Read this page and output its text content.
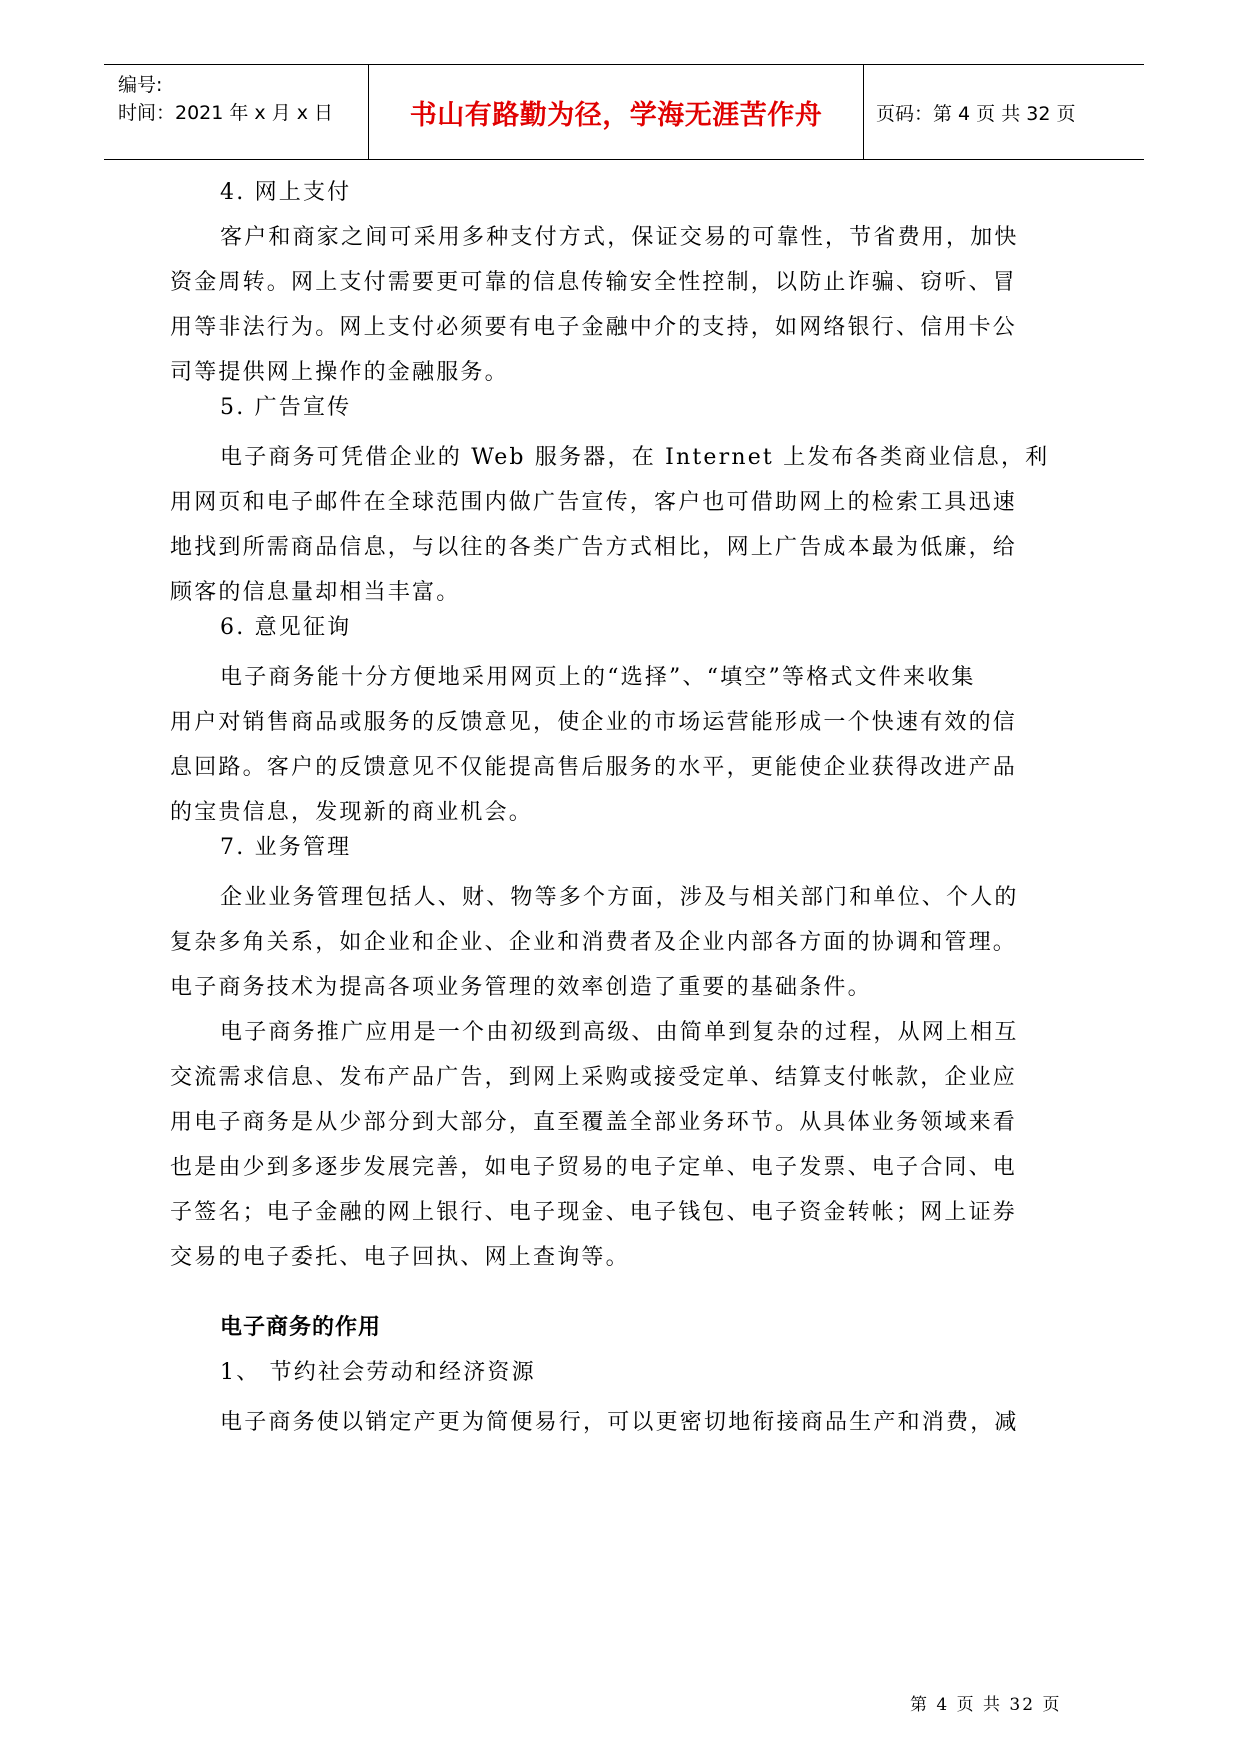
编号:
时间：2021 年 x 月 x 日	书山有路勤为径，学海无涯苦作舟	页码：第 4 页 共 32 页
4. 网上支付
客户和商家之间可采用多种支付方式，保证交易的可靠性，节省费用，加快
资金周转。网上支付需要更可靠的信息传输安全性控制，以防止诈骗、窃听、冒
用等非法行为。网上支付必须要有电子金融中介的支持，如网络银行、信用卡公
司等提供网上操作的金融服务。
5. 广告宣传
电子商务可凭借企业的 Web 服务器，在 Internet 上发布各类商业信息，利
用网页和电子邮件在全球范围内做广告宣传，客户也可借助网上的检索工具迅速
地找到所需商品信息，与以往的各类广告方式相比，网上广告成本最为低廉，给
顾客的信息量却相当丰富。
6. 意见征询
电子商务能十分方便地采用网页上的“选择”、“填空”等格式文件来收集
用户对销售商品或服务的反馈意见，使企业的市场运营能形成一个快速有效的信
息回路。客户的反馈意见不仅能提高售后服务的水平，更能使企业获得改进产品
的宝贵信息，发现新的商业机会。
7. 业务管理
企业业务管理包括人、财、物等多个方面，涉及与相关部门和单位、个人的
复杂多角关系，如企业和企业、企业和消费者及企业内部各方面的协调和管理。
电子商务技术为提高各项业务管理的效率创造了重要的基础条件。
电子商务推广应用是一个由初级到高级、由简单到复杂的过程，从网上相互
交流需求信息、发布产品广告，到网上采购或接受定单、结算支付帐款，企业应
用电子商务是从少部分到大部分，直至覆盖全部业务环节。从具体业务领域来看
也是由少到多逐步发展完善，如电子贸易的电子定单、电子发票、电子合同、电
子签名；电子金融的网上银行、电子现金、电子钱包、电子资金转帐；网上证券
交易的电子委托、电子回执、网上查询等。
电子商务的作用
1、 节约社会劳动和经济资源
电子商务使以销定产更为简便易行，可以更密切地衔接商品生产和消费，减
第 4 页 共 32 页
